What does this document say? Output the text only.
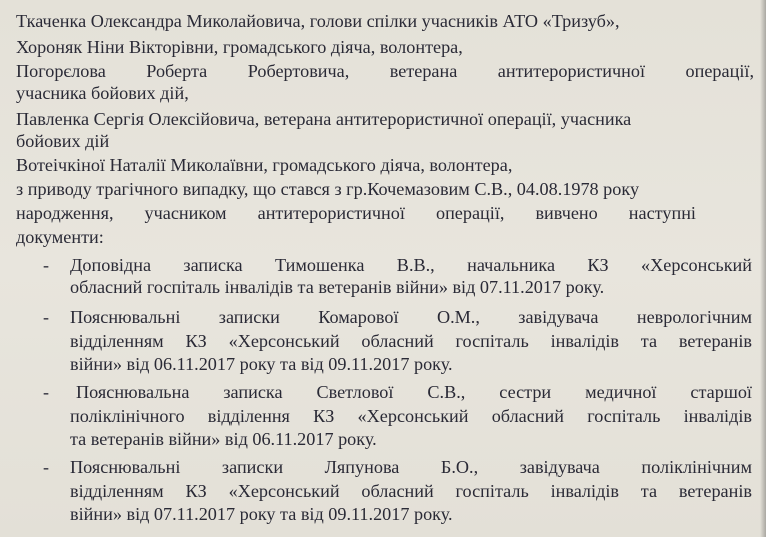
Ткаченка Олександра Миколайовича, голови спілки учасників АТО «Тризуб»,
Хороняк Ніни Вікторівни, громадського діяча, волонтера,
Погорєлова Роберта Робертовича, ветерана антитерористичної операції,
учасника бойових дій,
Павленка Сергія Олексійовича, ветерана антитерористичної операції, учасника
бойових дій
Вотеічкіної Наталії Миколаївни, громадського діяча, волонтера,
з приводу трагічного випадку, що стався з гр.Кочемазовим С.В., 04.08.1978 року
народження, учасником антитерористичної операції, вивчено наступні
документи:
- Доповідна записка Тимошенка В.В., начальника КЗ «Херсонський
обласний госпіталь інвалідів та ветеранів війни» від 07.11.2017 року.
- Пояснювальні записки Комарової О.М., завідувача неврологічним
відділенням КЗ «Херсонський обласний госпіталь інвалідів та ветеранів
війни» від 06.11.2017 року та від 09.11.2017 року.
- Пояснювальна записка Светлової С.В., сестри медичної старшої
поліклінічного відділення КЗ «Херсонський обласний госпіталь інвалідів
та ветеранів війни» від 06.11.2017 року.
- Пояснювальні записки Ляпунова Б.О., завідувача поліклінічним
відділенням КЗ «Херсонський обласний госпіталь інвалідів та ветеранів
війни» від 07.11.2017 року та від 09.11.2017 року.
